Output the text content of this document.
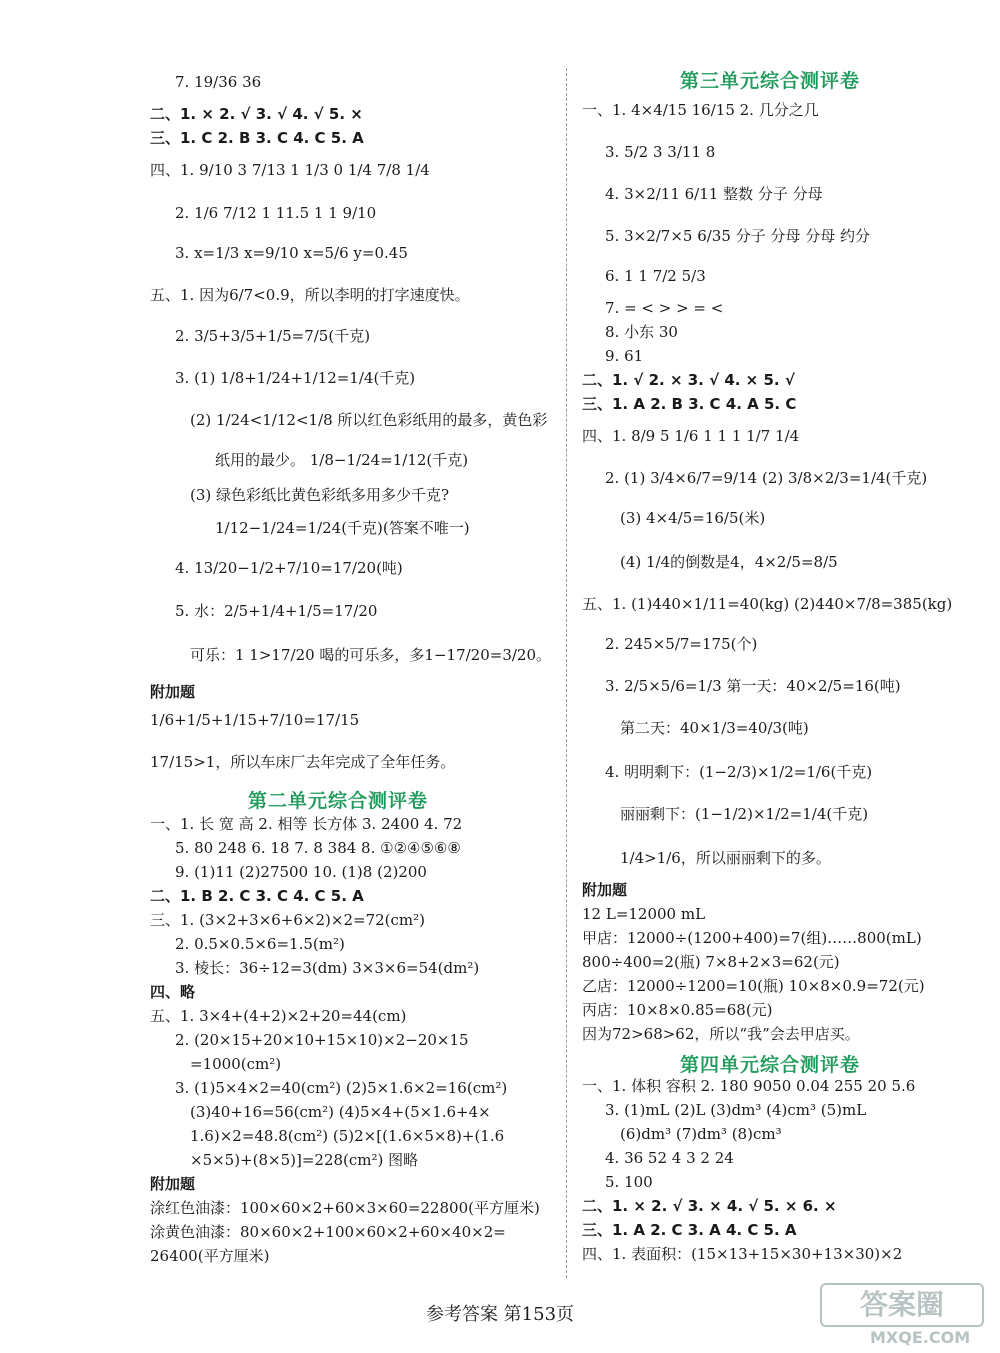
7. 19/36 36
二、1. × 2. √ 3. √ 4. √ 5. ×
三、1. C 2. B 3. C 4. C 5. A
四、1. 9/10 3 7/13 1 1/3 0 1/4 7/8 1/4
2. 1/6 7/12 1 11.5 1 1 9/10
3. x=1/3 x=9/10 x=5/6 y=0.45
五、1. 因为6/7<0.9，所以李明的打字速度快。
2. 3/5+3/5+1/5=7/5(千克)
3. (1) 1/8+1/24+1/12=1/4(千克)
(2) 1/24<1/12<1/8 所以红色彩纸用的最多，黄色彩
纸用的最少。 1/8−1/24=1/12(千克)
(3) 绿色彩纸比黄色彩纸多用多少千克?
1/12−1/24=1/24(千克)(答案不唯一)
4. 13/20−1/2+7/10=17/20(吨)
5. 水：2/5+1/4+1/5=17/20
可乐：1 1>17/20 喝的可乐多，多1−17/20=3/20。
附加题
1/6+1/5+1/15+7/10=17/15
17/15>1，所以车床厂去年完成了全年任务。
第二单元综合测评卷
一、1. 长 宽 高 2. 相等 长方体 3. 2400 4. 72
5. 80 248 6. 18 7. 8 384 8. ①②④⑤⑥⑧
9. (1)11 (2)27500 10. (1)8 (2)200
二、1. B 2. C 3. C 4. C 5. A
三、1. (3×2+3×6+6×2)×2=72(cm²)
2. 0.5×0.5×6=1.5(m²)
3. 棱长：36÷12=3(dm) 3×3×6=54(dm²)
四、略
五、1. 3×4+(4+2)×2+20=44(cm)
2. (20×15+20×10+15×10)×2−20×15
=1000(cm²)
3. (1)5×4×2=40(cm²) (2)5×1.6×2=16(cm²)
(3)40+16=56(cm²) (4)5×4+(5×1.6+4×
1.6)×2=48.8(cm²) (5)2×[(1.6×5×8)+(1.6
×5×5)+(8×5)]=228(cm²) 图略
附加题
涂红色油漆：100×60×2+60×3×60=22800(平方厘米)
涂黄色油漆：80×60×2+100×60×2+60×40×2=
26400(平方厘米)
第三单元综合测评卷
一、1. 4×4/15 16/15 2. 几分之几
3. 5/2 3 3/11 8
4. 3×2/11 6/11 整数 分子 分母
5. 3×2/7×5 6/35 分子 分母 分母 约分
6. 1 1 7/2 5/3
7. = < > > = <
8. 小东 30
9. 61
二、1. √ 2. × 3. √ 4. × 5. √
三、1. A 2. B 3. C 4. A 5. C
四、1. 8/9 5 1/6 1 1 1 1/7 1/4
2. (1) 3/4×6/7=9/14 (2) 3/8×2/3=1/4(千克)
(3) 4×4/5=16/5(米)
(4) 1/4的倒数是4，4×2/5=8/5
五、1. (1)440×1/11=40(kg) (2)440×7/8=385(kg)
2. 245×5/7=175(个)
3. 2/5×5/6=1/3 第一天：40×2/5=16(吨)
第二天：40×1/3=40/3(吨)
4. 明明剩下：(1−2/3)×1/2=1/6(千克)
丽丽剩下：(1−1/2)×1/2=1/4(千克)
1/4>1/6，所以丽丽剩下的多。
附加题
12 L=12000 mL
甲店：12000÷(1200+400)=7(组)……800(mL)
800÷400=2(瓶) 7×8+2×3=62(元)
乙店：12000÷1200=10(瓶) 10×8×0.9=72(元)
丙店：10×8×0.85=68(元)
因为72>68>62，所以“我”会去甲店买。
第四单元综合测评卷
一、1. 体积 容积 2. 180 9050 0.04 255 20 5.6
3. (1)mL (2)L (3)dm³ (4)cm³ (5)mL
(6)dm³ (7)dm³ (8)cm³
4. 36 52 4 3 2 24
5. 100
二、1. × 2. √ 3. × 4. √ 5. × 6. ×
三、1. A 2. C 3. A 4. C 5. A
四、1. 表面积：(15×13+15×30+13×30)×2
参考答案 第153页	答案圈
MXQE.COM
